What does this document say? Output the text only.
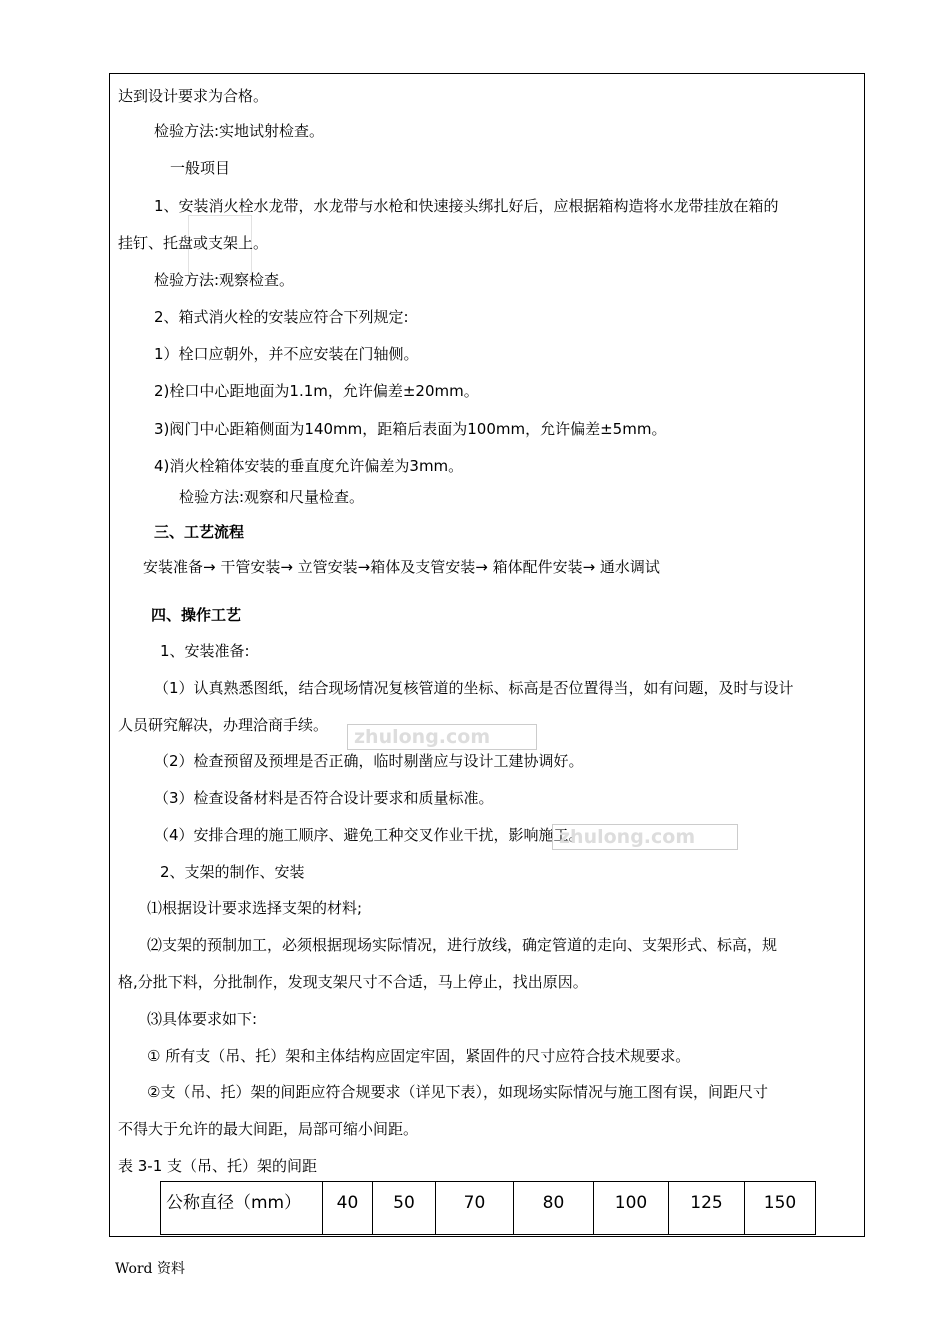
达到设计要求为合格。
检验方法:实地试射检查。
一般项目
1、安装消火栓水龙带，水龙带与水枪和快速接头绑扎好后，应根据箱构造将水龙带挂放在箱的
挂钉、托盘或支架上。
检验方法:观察检查。
2、箱式消火栓的安装应符合下列规定:
1）栓口应朝外，并不应安装在门轴侧。
2)栓口中心距地面为1.1m，允许偏差±20mm。
3)阀门中心距箱侧面为140mm，距箱后表面为100mm，允许偏差±5mm。
4)消火栓箱体安装的垂直度允许偏差为3mm。
检验方法:观察和尺量检查。
三、工艺流程
安装准备→ 干管安装→ 立管安装→箱体及支管安装→ 箱体配件安装→ 通水调试
四、操作工艺
1、安装准备:
（1）认真熟悉图纸，结合现场情况复核管道的坐标、标高是否位置得当，如有问题，及时与设计
人员研究解决，办理洽商手续。
（2）检查预留及预埋是否正确，临时剔凿应与设计工建协调好。
（3）检查设备材料是否符合设计要求和质量标准。
（4）安排合理的施工顺序、避免工种交叉作业干扰，影响施工。
2、支架的制作、安装
⑴根据设计要求选择支架的材料;
⑵支架的预制加工，必须根据现场实际情况，进行放线，确定管道的走向、支架形式、标高，规
格,分批下料，分批制作，发现支架尺寸不合适，马上停止，找出原因。
⑶具体要求如下:
① 所有支（吊、托）架和主体结构应固定牢固，紧固件的尺寸应符合技术规要求。
②支（吊、托）架的间距应符合规要求（详见下表），如现场实际情况与施工图有误，间距尺寸
不得大于允许的最大间距，局部可缩小间距。
表 3-1 支（吊、托）架的间距
zhulong.com
zhulong.com
公称直径（mm）	40	50	70	80	100	125	150
Word 资料
